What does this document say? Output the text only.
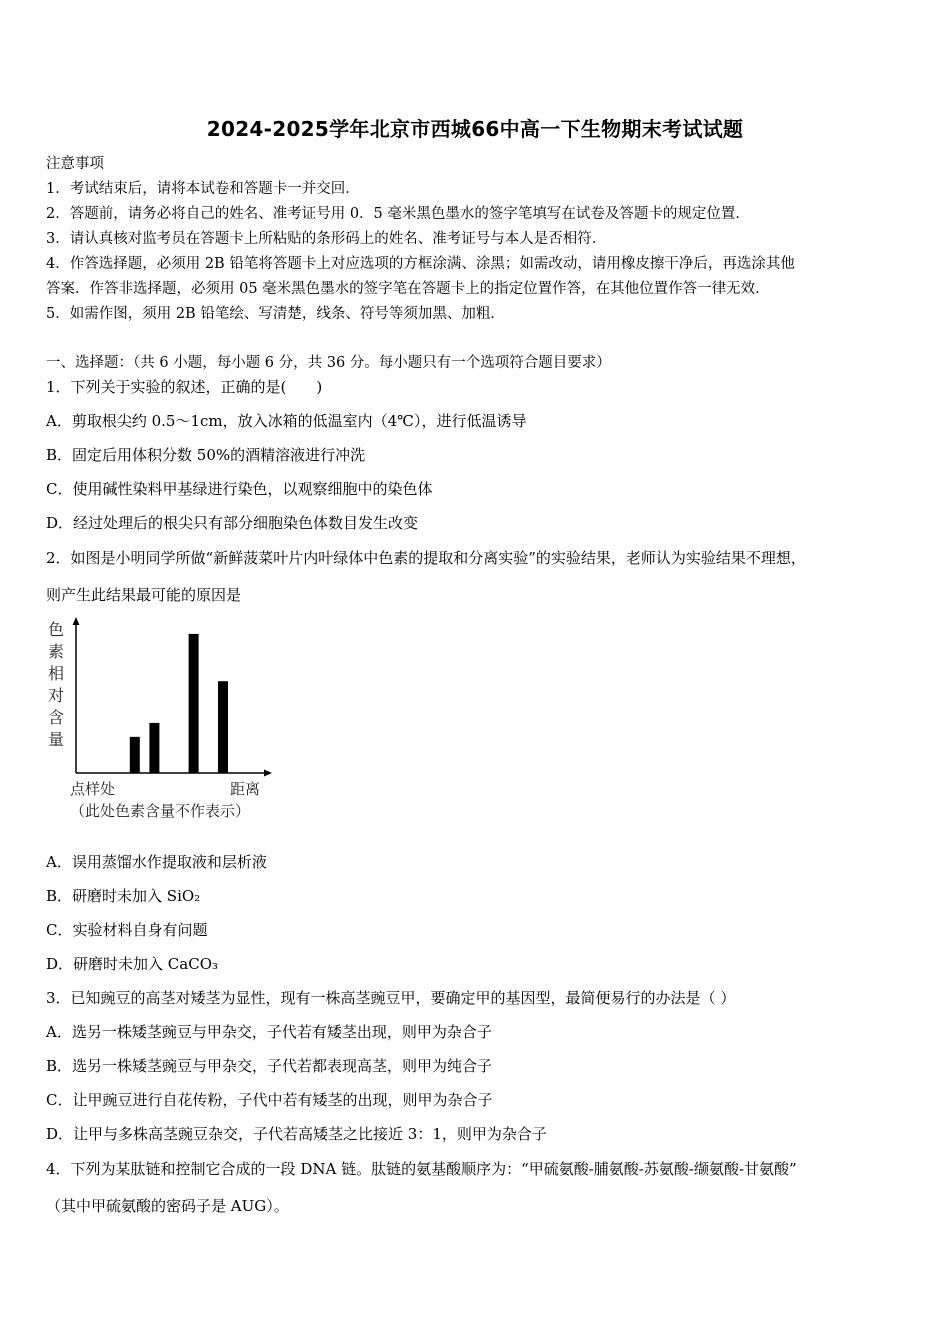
2024-2025学年北京市西城66中高一下生物期末考试试题
注意事项
1．考试结束后，请将本试卷和答题卡一并交回．
2．答题前，请务必将自己的姓名、准考证号用 0．5 毫米黑色墨水的签字笔填写在试卷及答题卡的规定位置．
3．请认真核对监考员在答题卡上所粘贴的条形码上的姓名、准考证号与本人是否相符．
4．作答选择题，必须用 2B 铅笔将答题卡上对应选项的方框涂满、涂黑；如需改动，请用橡皮擦干净后，再选涂其他
答案．作答非选择题，必须用 05 毫米黑色墨水的签字笔在答题卡上的指定位置作答，在其他位置作答一律无效．
5．如需作图，须用 2B 铅笔绘、写清楚，线条、符号等须加黑、加粗．
一、选择题：（共 6 小题，每小题 6 分，共 36 分。每小题只有一个选项符合题目要求）
1．下列关于实验的叙述，正确的是(　　)
A．剪取根尖约 0.5～1cm，放入冰箱的低温室内（4℃），进行低温诱导
B．固定后用体积分数 50%的酒精溶液进行冲洗
C．使用碱性染料甲基绿进行染色，以观察细胞中的染色体
D．经过处理后的根尖只有部分细胞染色体数目发生改变
2．如图是小明同学所做“新鲜菠菜叶片内叶绿体中色素的提取和分离实验”的实验结果，老师认为实验结果不理想，
则产生此结果最可能的原因是
色
素
相
对
含
量
点样处	距离
（此处色素含量不作表示）
A．误用蒸馏水作提取液和层析液
B．研磨时未加入 SiO₂
C．实验材料自身有问题
D．研磨时未加入 CaCO₃
3．已知豌豆的高茎对矮茎为显性，现有一株高茎豌豆甲，要确定甲的基因型，最简便易行的办法是（ ）
A．选另一株矮茎豌豆与甲杂交，子代若有矮茎出现，则甲为杂合子
B．选另一株矮茎豌豆与甲杂交，子代若都表现高茎，则甲为纯合子
C．让甲豌豆进行自花传粉，子代中若有矮茎的出现，则甲为杂合子
D．让甲与多株高茎豌豆杂交，子代若高矮茎之比接近 3：1，则甲为杂合子
4．下列为某肽链和控制它合成的一段 DNA 链。肽链的氨基酸顺序为：“甲硫氨酸-脯氨酸-苏氨酸-缬氨酸-甘氨酸”
（其中甲硫氨酸的密码子是 AUG）。
